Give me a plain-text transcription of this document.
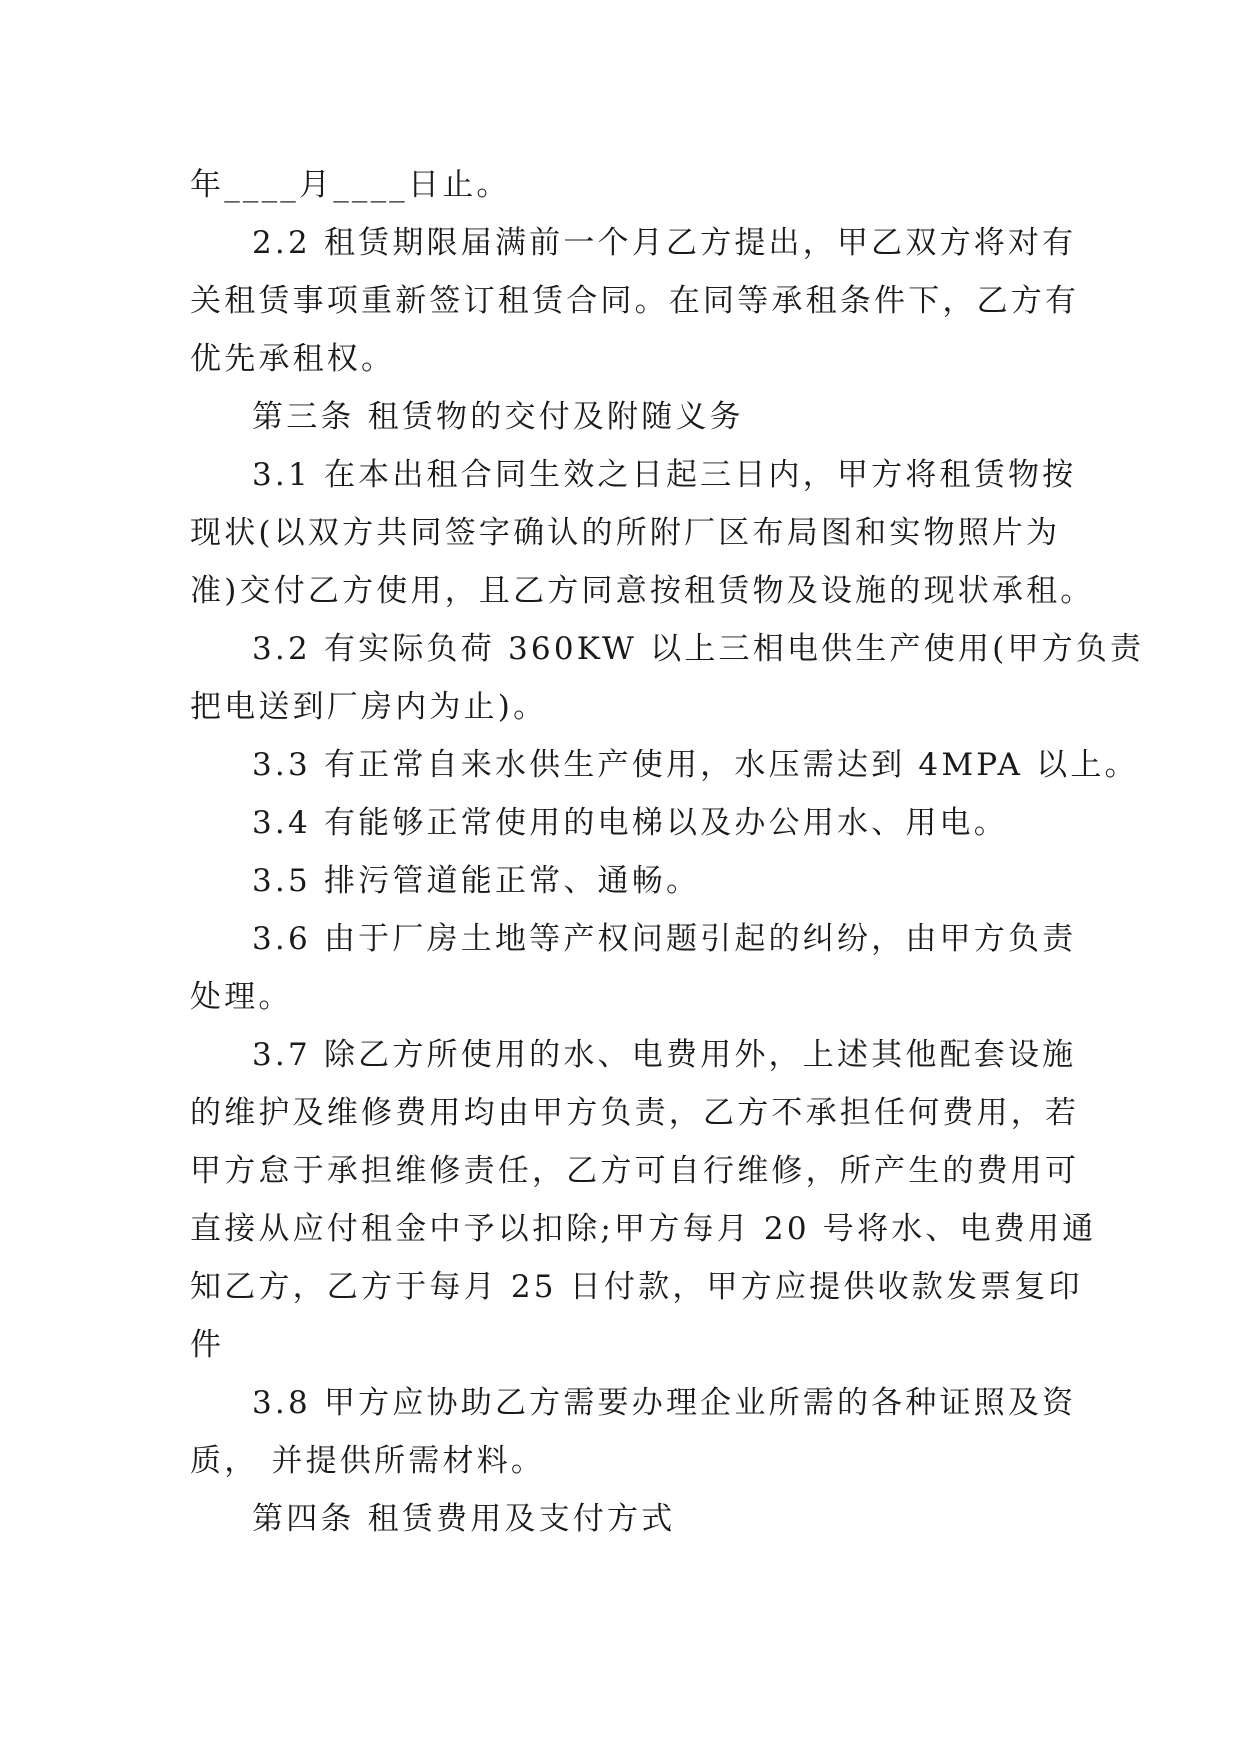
年____月____日止。
2.2 租赁期限届满前一个月乙方提出，甲乙双方将对有
关租赁事项重新签订租赁合同。在同等承租条件下，乙方有
优先承租权。
第三条 租赁物的交付及附随义务
3.1 在本出租合同生效之日起三日内，甲方将租赁物按
现状(以双方共同签字确认的所附厂区布局图和实物照片为
准)交付乙方使用，且乙方同意按租赁物及设施的现状承租。
3.2 有实际负荷 360KW 以上三相电供生产使用(甲方负责
把电送到厂房内为止)。
3.3 有正常自来水供生产使用，水压需达到 4MPA 以上。
3.4 有能够正常使用的电梯以及办公用水、用电。
3.5 排污管道能正常、通畅。
3.6 由于厂房土地等产权问题引起的纠纷，由甲方负责
处理。
3.7 除乙方所使用的水、电费用外，上述其他配套设施
的维护及维修费用均由甲方负责，乙方不承担任何费用，若
甲方怠于承担维修责任，乙方可自行维修，所产生的费用可
直接从应付租金中予以扣除;甲方每月 20 号将水、电费用通
知乙方，乙方于每月 25 日付款，甲方应提供收款发票复印
件
3.8 甲方应协助乙方需要办理企业所需的各种证照及资
质， 并提供所需材料。
第四条 租赁费用及支付方式
